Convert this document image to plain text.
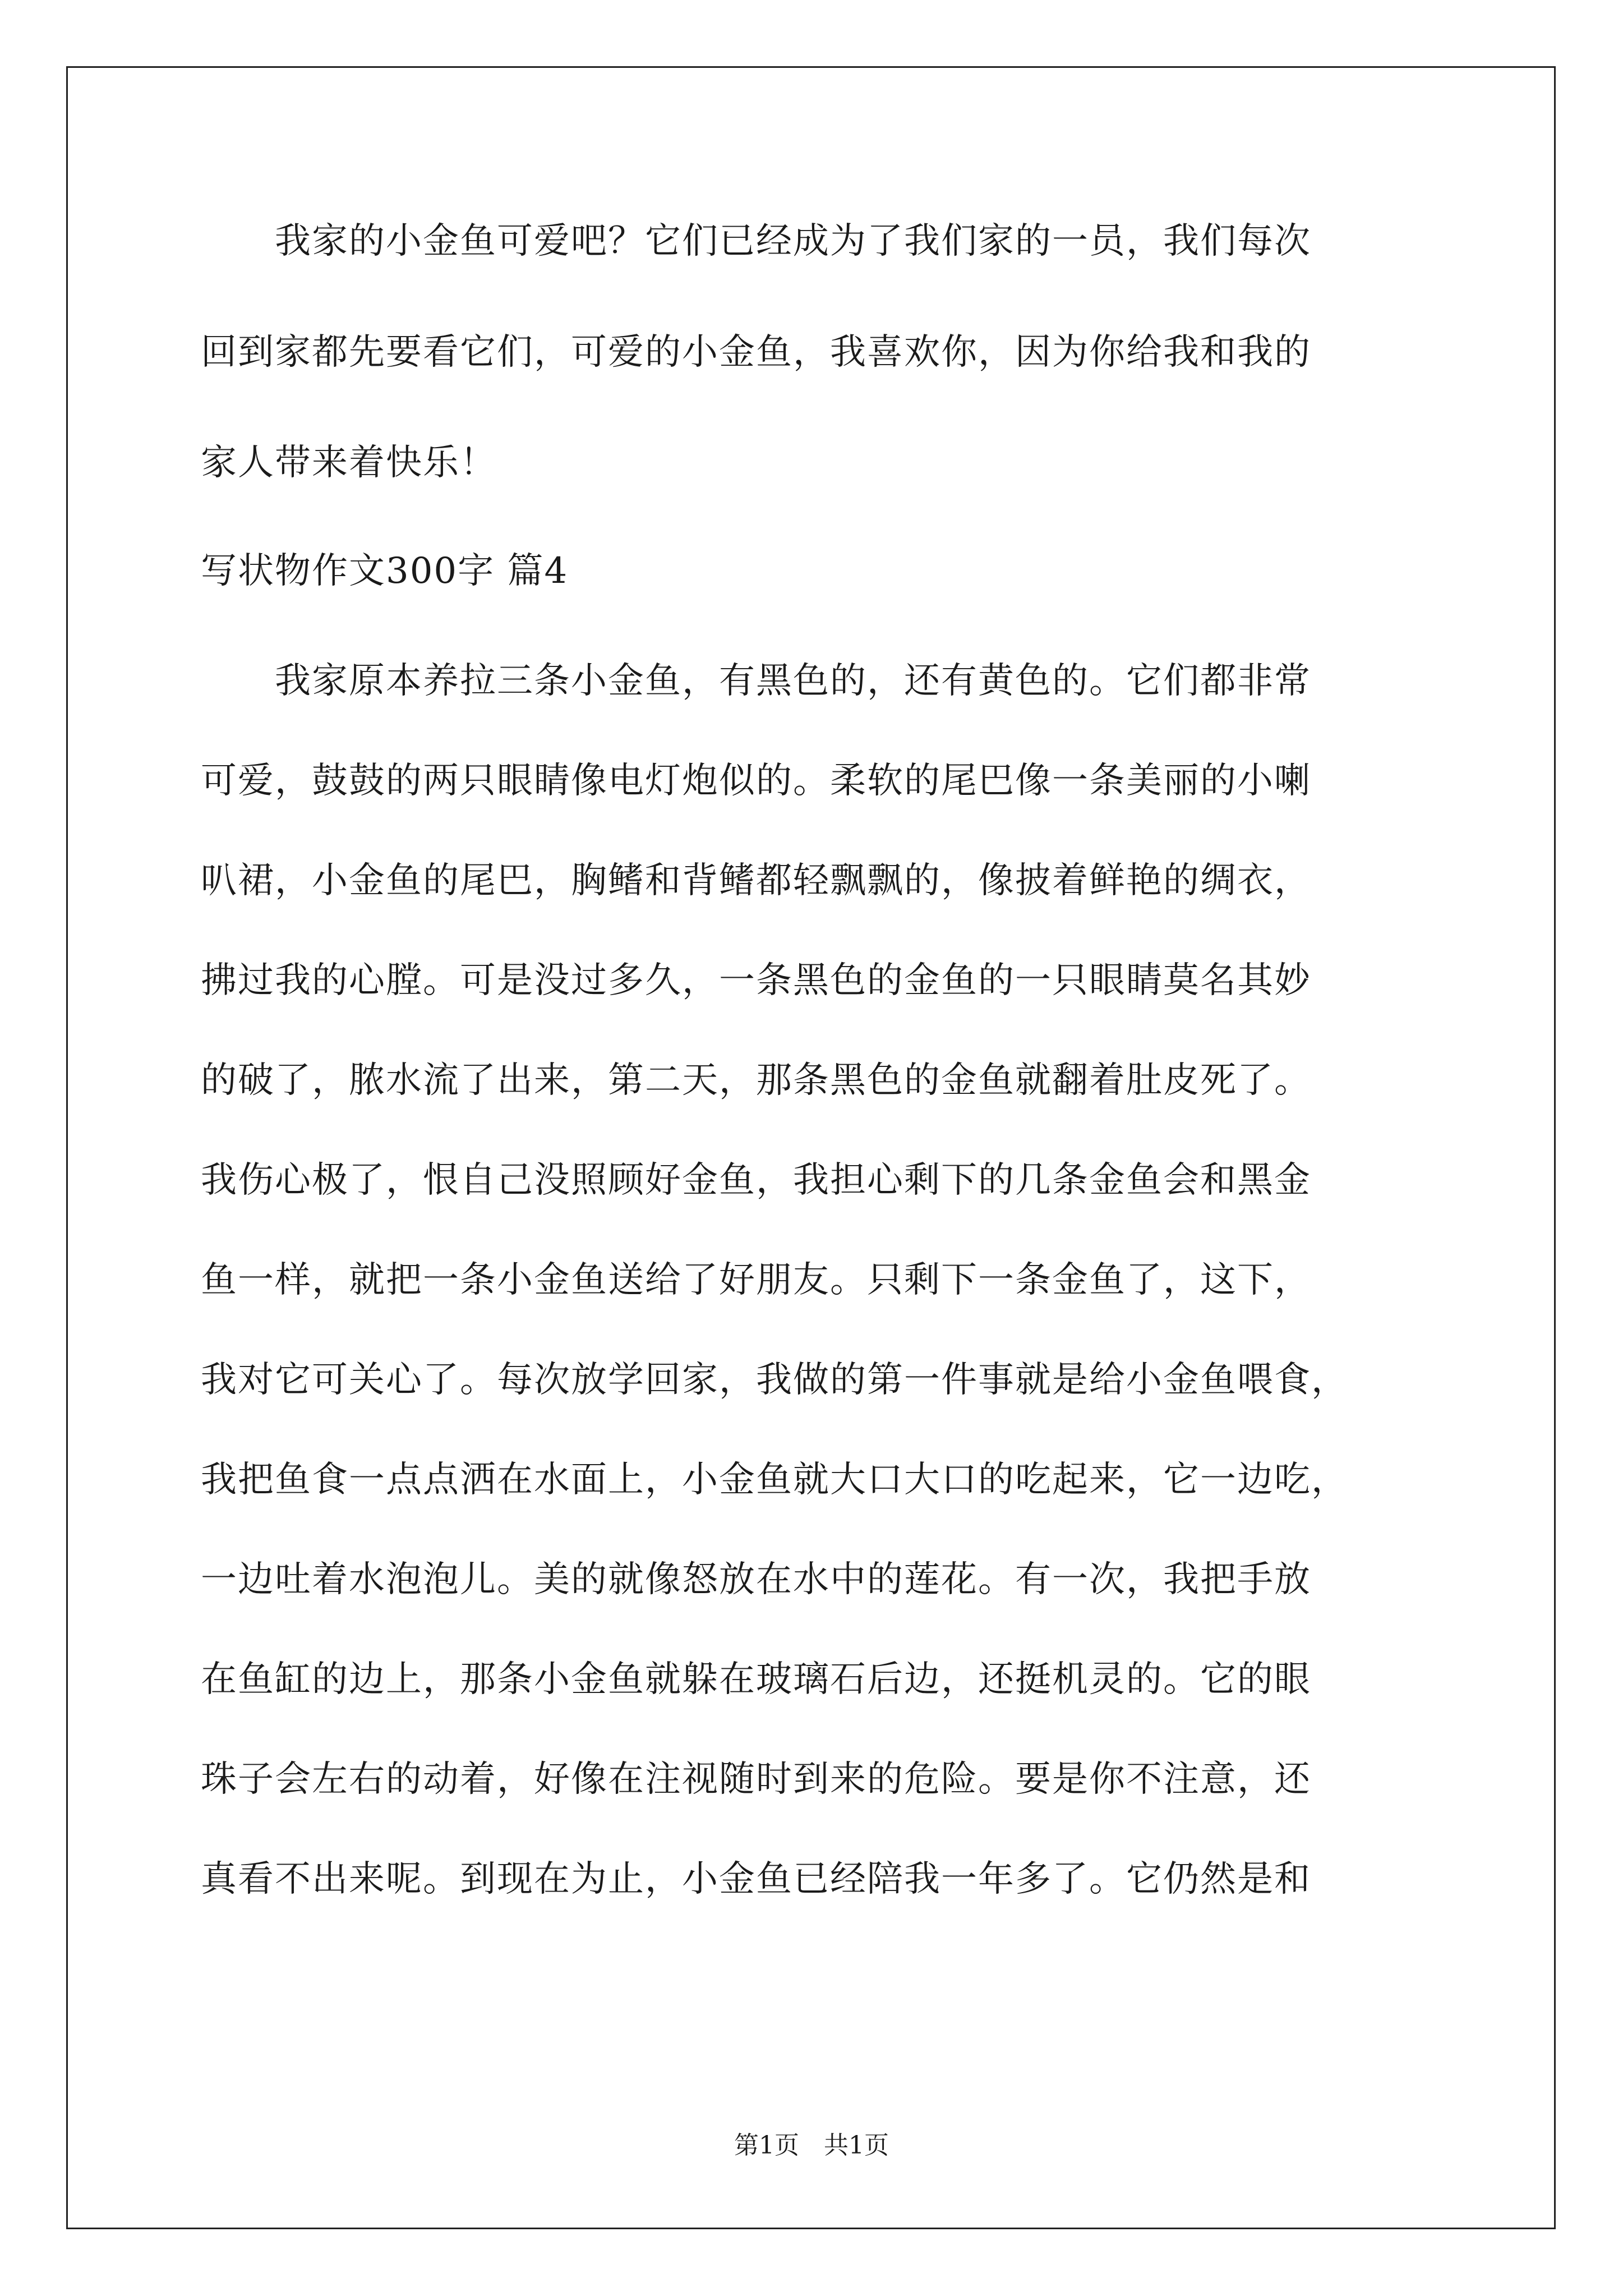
　　我家的小金鱼可爱吧？它们已经成为了我们家的一员，我们每次
回到家都先要看它们，可爱的小金鱼，我喜欢你，因为你给我和我的
家人带来着快乐！
写状物作文300字 篇4
　　我家原本养拉三条小金鱼，有黑色的，还有黄色的。它们都非常
可爱，鼓鼓的两只眼睛像电灯炮似的。柔软的尾巴像一条美丽的小喇
叭裙，小金鱼的尾巴，胸鳍和背鳍都轻飘飘的，像披着鲜艳的绸衣，
拂过我的心膛。可是没过多久，一条黑色的金鱼的一只眼睛莫名其妙
的破了，脓水流了出来，第二天，那条黑色的金鱼就翻着肚皮死了。
我伤心极了，恨自己没照顾好金鱼，我担心剩下的几条金鱼会和黑金
鱼一样，就把一条小金鱼送给了好朋友。只剩下一条金鱼了，这下，
我对它可关心了。每次放学回家，我做的第一件事就是给小金鱼喂食，
我把鱼食一点点洒在水面上，小金鱼就大口大口的吃起来，它一边吃，
一边吐着水泡泡儿。美的就像怒放在水中的莲花。有一次，我把手放
在鱼缸的边上，那条小金鱼就躲在玻璃石后边，还挺机灵的。它的眼
珠子会左右的动着，好像在注视随时到来的危险。要是你不注意，还
真看不出来呢。到现在为止，小金鱼已经陪我一年多了。它仍然是和
第1页　共1页
